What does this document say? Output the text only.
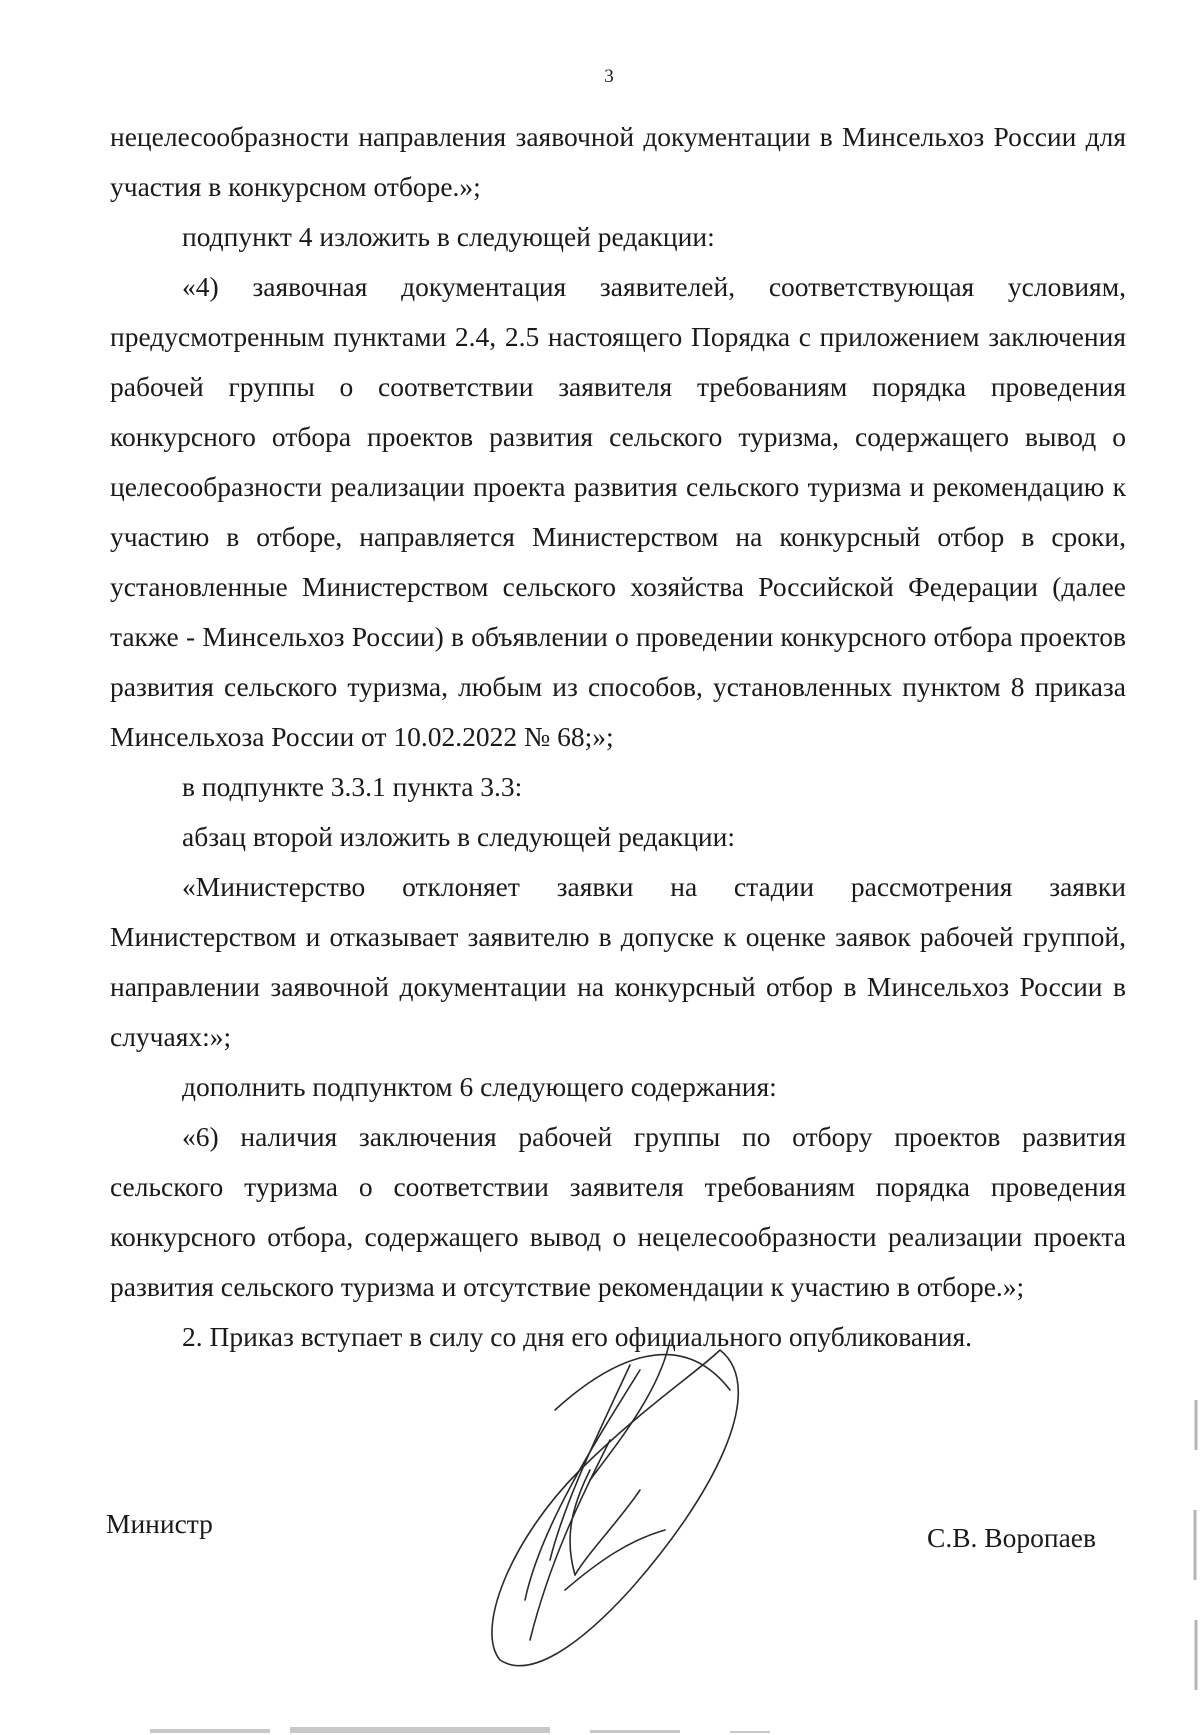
3

нецелесообразности направления заявочной документации в Минсельхоз России для участия в конкурсном отборе.»;

подпункт 4 изложить в следующей редакции:

«4) заявочная документация заявителей, соответствующая условиям, предусмотренным пунктами 2.4, 2.5 настоящего Порядка с приложением заключения рабочей группы о соответствии заявителя требованиям порядка проведения конкурсного отбора проектов развития сельского туризма, содержащего вывод о целесообразности реализации проекта развития сельского туризма и рекомендацию к участию в отборе, направляется Министерством на конкурсный отбор в сроки, установленные Министерством сельского хозяйства Российской Федерации (далее также - Минсельхоз России) в объявлении о проведении конкурсного отбора проектов развития сельского туризма, любым из способов, установленных пунктом 8 приказа Минсельхоза России от 10.02.2022 № 68;»;

в подпункте 3.3.1 пункта 3.3:

абзац второй изложить в следующей редакции:

«Министерство отклоняет заявки на стадии рассмотрения заявки Министерством и отказывает заявителю в допуске к оценке заявок рабочей группой, направлении заявочной документации на конкурсный отбор в Минсельхоз России в случаях:»;

дополнить подпунктом 6 следующего содержания:

«6) наличия заключения рабочей группы по отбору проектов развития сельского туризма о соответствии заявителя требованиям порядка проведения конкурсного отбора, содержащего вывод о нецелесообразности реализации проекта развития сельского туризма и отсутствие рекомендации к участию в отборе.»;

2. Приказ вступает в силу со дня его официального опубликования.

Министр	С.В. Воропаев
